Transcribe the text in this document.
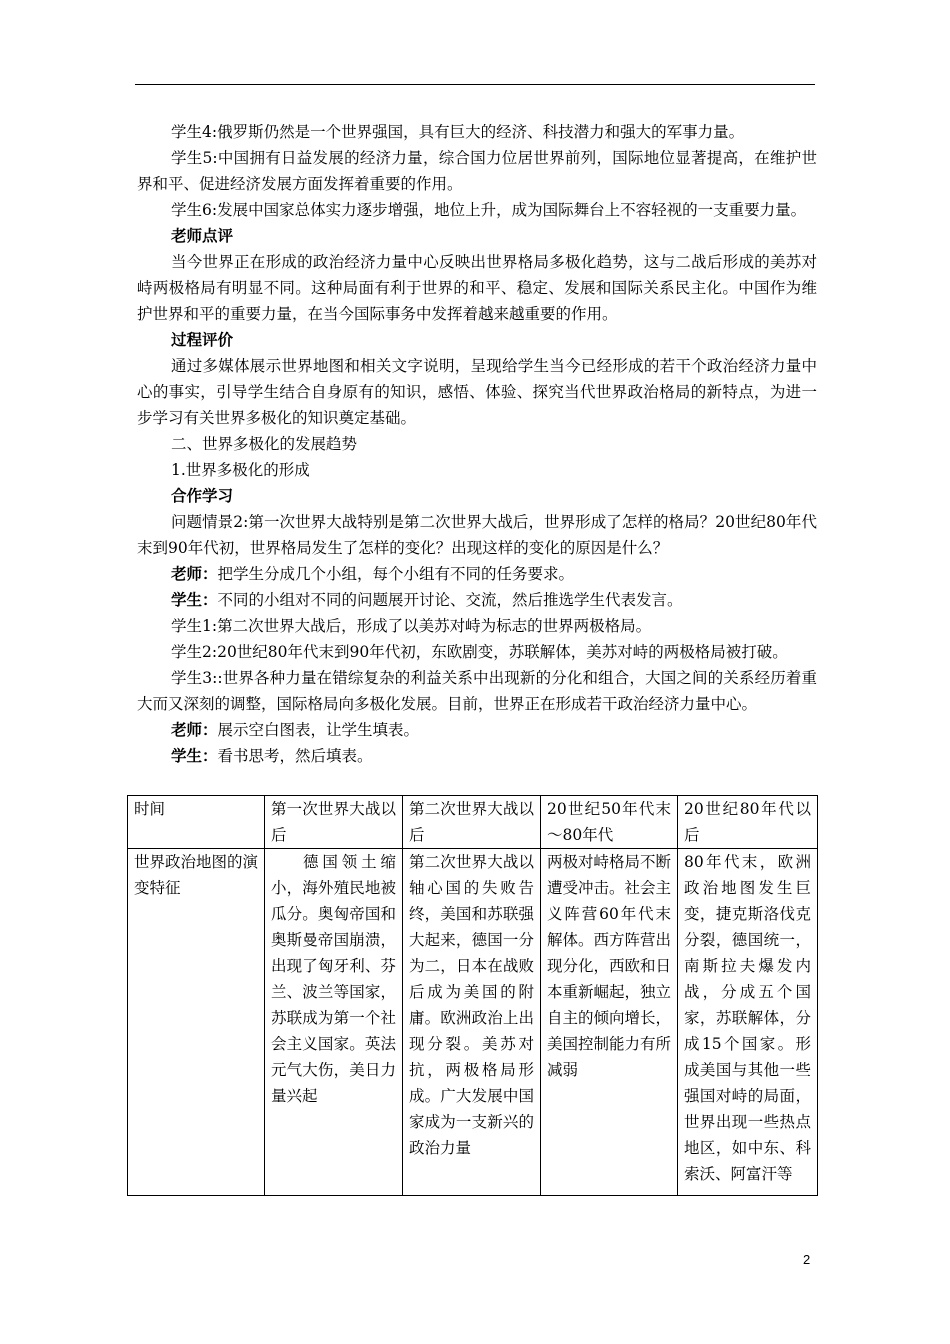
学生4:俄罗斯仍然是一个世界强国，具有巨大的经济、科技潜力和强大的军事力量。

学生5:中国拥有日益发展的经济力量，综合国力位居世界前列，国际地位显著提高，在维护世界和平、促进经济发展方面发挥着重要的作用。

学生6:发展中国家总体实力逐步增强，地位上升，成为国际舞台上不容轻视的一支重要力量。

老师点评

当今世界正在形成的政治经济力量中心反映出世界格局多极化趋势，这与二战后形成的美苏对峙两极格局有明显不同。这种局面有利于世界的和平、稳定、发展和国际关系民主化。中国作为维护世界和平的重要力量，在当今国际事务中发挥着越来越重要的作用。

过程评价

通过多媒体展示世界地图和相关文字说明，呈现给学生当今已经形成的若干个政治经济力量中心的事实，引导学生结合自身原有的知识，感悟、体验、探究当代世界政治格局的新特点，为进一步学习有关世界多极化的知识奠定基础。

二、世界多极化的发展趋势

1.世界多极化的形成

合作学习

问题情景2:第一次世界大战特别是第二次世界大战后，世界形成了怎样的格局？20世纪80年代末到90年代初，世界格局发生了怎样的变化？出现这样的变化的原因是什么？

老师：把学生分成几个小组，每个小组有不同的任务要求。

学生：不同的小组对不同的问题展开讨论、交流，然后推选学生代表发言。

学生1:第二次世界大战后，形成了以美苏对峙为标志的世界两极格局。

学生2:20世纪80年代末到90年代初，东欧剧变，苏联解体，美苏对峙的两极格局被打破。

学生3::世界各种力量在错综复杂的利益关系中出现新的分化和组合，大国之间的关系经历着重大而又深刻的调整，国际格局向多极化发展。目前，世界正在形成若干政治经济力量中心。

老师：展示空白图表，让学生填表。

学生：看书思考，然后填表。

时间	第一次世界大战以后	第二次世界大战以后	20世纪50年代末～80年代	20世纪80年代以后
世界政治地图的演变特征	德国领土缩小，海外殖民地被瓜分。奥匈帝国和奥斯曼帝国崩溃，出现了匈牙利、芬兰、波兰等国家，苏联成为第一个社会主义国家。英法元气大伤，美日力量兴起	第二次世界大战以轴心国的失败告终，美国和苏联强大起来，德国一分为二，日本在战败后成为美国的附庸。欧洲政治上出现分裂。美苏对抗，两极格局形成。广大发展中国家成为一支新兴的政治力量	两极对峙格局不断遭受冲击。社会主义阵营60年代末解体。西方阵营出现分化，西欧和日本重新崛起，独立自主的倾向增长，美国控制能力有所减弱	80年代末，欧洲政治地图发生巨变，捷克斯洛伐克分裂，德国统一，南斯拉夫爆发内战，分成五个国家，苏联解体，分成15个国家。形成美国与其他一些强国对峙的局面，世界出现一些热点地区，如中东、科索沃、阿富汗等
2
